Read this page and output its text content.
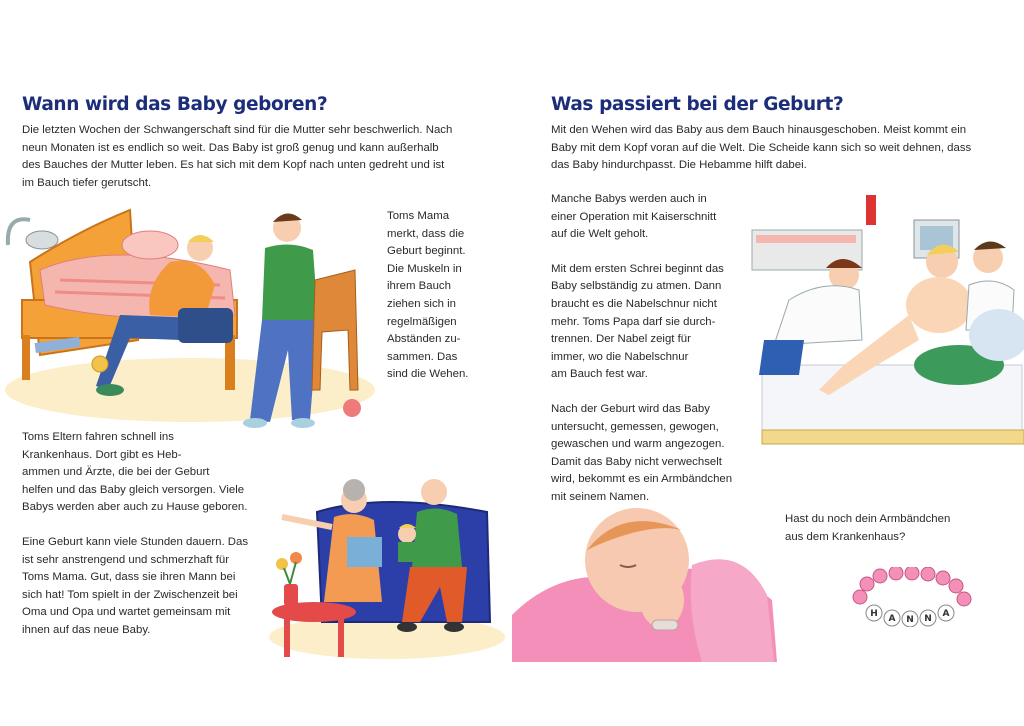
Wann wird das Baby geboren?

Die letzten Wochen der Schwangerschaft sind für die Mutter sehr beschwerlich. Nach

neun Monaten ist es endlich so weit. Das Baby ist groß genug und kann außerhalb

des Bauches der Mutter leben. Es hat sich mit dem Kopf nach unten gedreht und ist

im Bauch tiefer gerutscht.

Toms Mama

merkt, dass die

Geburt beginnt.

Die Muskeln in

ihrem Bauch

ziehen sich in

regelmäßigen

Abständen zu-

sammen. Das

sind die Wehen.

Toms Eltern fahren schnell ins

Krankenhaus. Dort gibt es Heb-

ammen und Ärzte, die bei der Geburt

helfen und das Baby gleich versorgen. Viele

Babys werden aber auch zu Hause geboren.

Eine Geburt kann viele Stunden dauern. Das

ist sehr anstrengend und schmerzhaft für

Toms Mama. Gut, dass sie ihren Mann bei

sich hat! Tom spielt in der Zwischenzeit bei

Oma und Opa und wartet gemeinsam mit

ihnen auf das neue Baby.

Was passiert bei der Geburt?

Mit den Wehen wird das Baby aus dem Bauch hinausgeschoben. Meist kommt ein

Baby mit dem Kopf voran auf die Welt. Die Scheide kann sich so weit dehnen, dass

das Baby hindurchpasst. Die Hebamme hilft dabei.

Manche Babys werden auch in

einer Operation mit Kaiserschnitt

auf die Welt geholt.

Mit dem ersten Schrei beginnt das

Baby selbständig zu atmen. Dann

braucht es die Nabelschnur nicht

mehr. Toms Papa darf sie durch-

trennen. Der Nabel zeigt für

immer, wo die Nabelschnur

am Bauch fest war.

Nach der Geburt wird das Baby

untersucht, gemessen, gewogen,

gewaschen und warm angezogen.

Damit das Baby nicht verwechselt

wird, bekommt es ein Armbändchen

mit seinem Namen.

Hast du noch dein Armbändchen

aus dem Krankenhaus?

H A N N A
